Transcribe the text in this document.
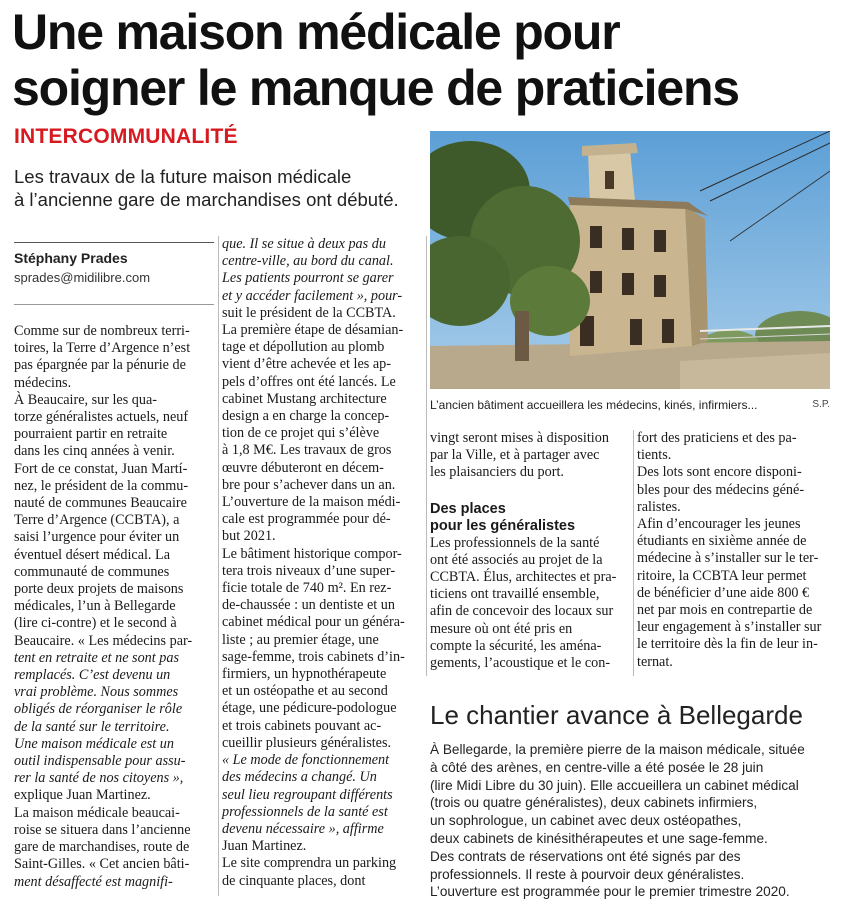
Une maison médicale pour
soigner le manque de praticiens
INTERCOMMUNALITÉ
Les travaux de la future maison médicale
à l’ancienne gare de marchandises ont débuté.
Stéphany Prades
sprades@midilibre.com

Comme sur de nombreux terri-

toires, la Terre d’Argence n’est

pas épargnée par la pénurie de

médecins.

À Beaucaire, sur les qua-

torze généralistes actuels, neuf

pourraient partir en retraite

dans les cinq années à venir.

Fort de ce constat, Juan Martí-

nez, le président de la commu-

nauté de communes Beaucaire

Terre d’Argence (CCBTA), a

saisi l’urgence pour éviter un

éventuel désert médical. La

communauté de communes

porte deux projets de maisons

médicales, l’un à Bellegarde

(lire ci-contre) et le second à

Beaucaire. « Les médecins par-

tent en retraite et ne sont pas

remplacés. C’est devenu un

vrai problème. Nous sommes

obligés de réorganiser le rôle

de la santé sur le territoire.

Une maison médicale est un

outil indispensable pour assu-

rer la santé de nos citoyens »,

explique Juan Martinez.

La maison médicale beaucai-

roise se situera dans l’ancienne

gare de marchandises, route de

Saint-Gilles. « Cet ancien bâti-

ment désaffecté est magnifi-

que. Il se situe à deux pas du

centre-ville, au bord du canal.

Les patients pourront se garer

et y accéder facilement », pour-

suit le président de la CCBTA.

La première étape de désamian-

tage et dépollution au plomb

vient d’être achevée et les ap-

pels d’offres ont été lancés. Le

cabinet Mustang architecture

design a en charge la concep-

tion de ce projet qui s’élève

à 1,8 M€. Les travaux de gros

œuvre débuteront en décem-

bre pour s’achever dans un an.

L’ouverture de la maison médi-

cale est programmée pour dé-

but 2021.

Le bâtiment historique compor-

tera trois niveaux d’une super-

ficie totale de 740 m². En rez-

de-chaussée : un dentiste et un

cabinet médical pour un généra-

liste ; au premier étage, une

sage-femme, trois cabinets d’in-

firmiers, un hypnothérapeute

et un ostéopathe et au second

étage, une pédicure-podologue

et trois cabinets pouvant ac-

cueillir plusieurs généralistes.

« Le mode de fonctionnement

des médecins a changé. Un

seul lieu regroupant différents

professionnels de la santé est

devenu nécessaire », affirme

Juan Martinez.

Le site comprendra un parking

de cinquante places, dont

L’ancien bâtiment accueillera les médecins, kinés, infirmiers...	S.P.

vingt seront mises à disposition

par la Ville, et à partager avec

les plaisanciers du port.

Des places

pour les généralistes

Les professionnels de la santé

ont été associés au projet de la

CCBTA. Élus, architectes et pra-

ticiens ont travaillé ensemble,

afin de concevoir des locaux sur

mesure où ont été pris en

compte la sécurité, les aména-

gements, l’acoustique et le con-

fort des praticiens et des pa-

tients.

Des lots sont encore disponi-

bles pour des médecins géné-

ralistes.

Afin d’encourager les jeunes

étudiants en sixième année de

médecine à s’installer sur le ter-

ritoire, la CCBTA leur permet

de bénéficier d’une aide 800 €

net par mois en contrepartie de

leur engagement à s’installer sur

le territoire dès la fin de leur in-

ternat.

Le chantier avance à Bellegarde

À Bellegarde, la première pierre de la maison médicale, située

à côté des arènes, en centre-ville a été posée le 28 juin

(lire Midi Libre du 30 juin). Elle accueillera un cabinet médical

(trois ou quatre généralistes), deux cabinets infirmiers,

un sophrologue, un cabinet avec deux ostéopathes,

deux cabinets de kinésithérapeutes et une sage-femme.

Des contrats de réservations ont été signés par des

professionnels. Il reste à pourvoir deux généralistes.

L’ouverture est programmée pour le premier trimestre 2020.
